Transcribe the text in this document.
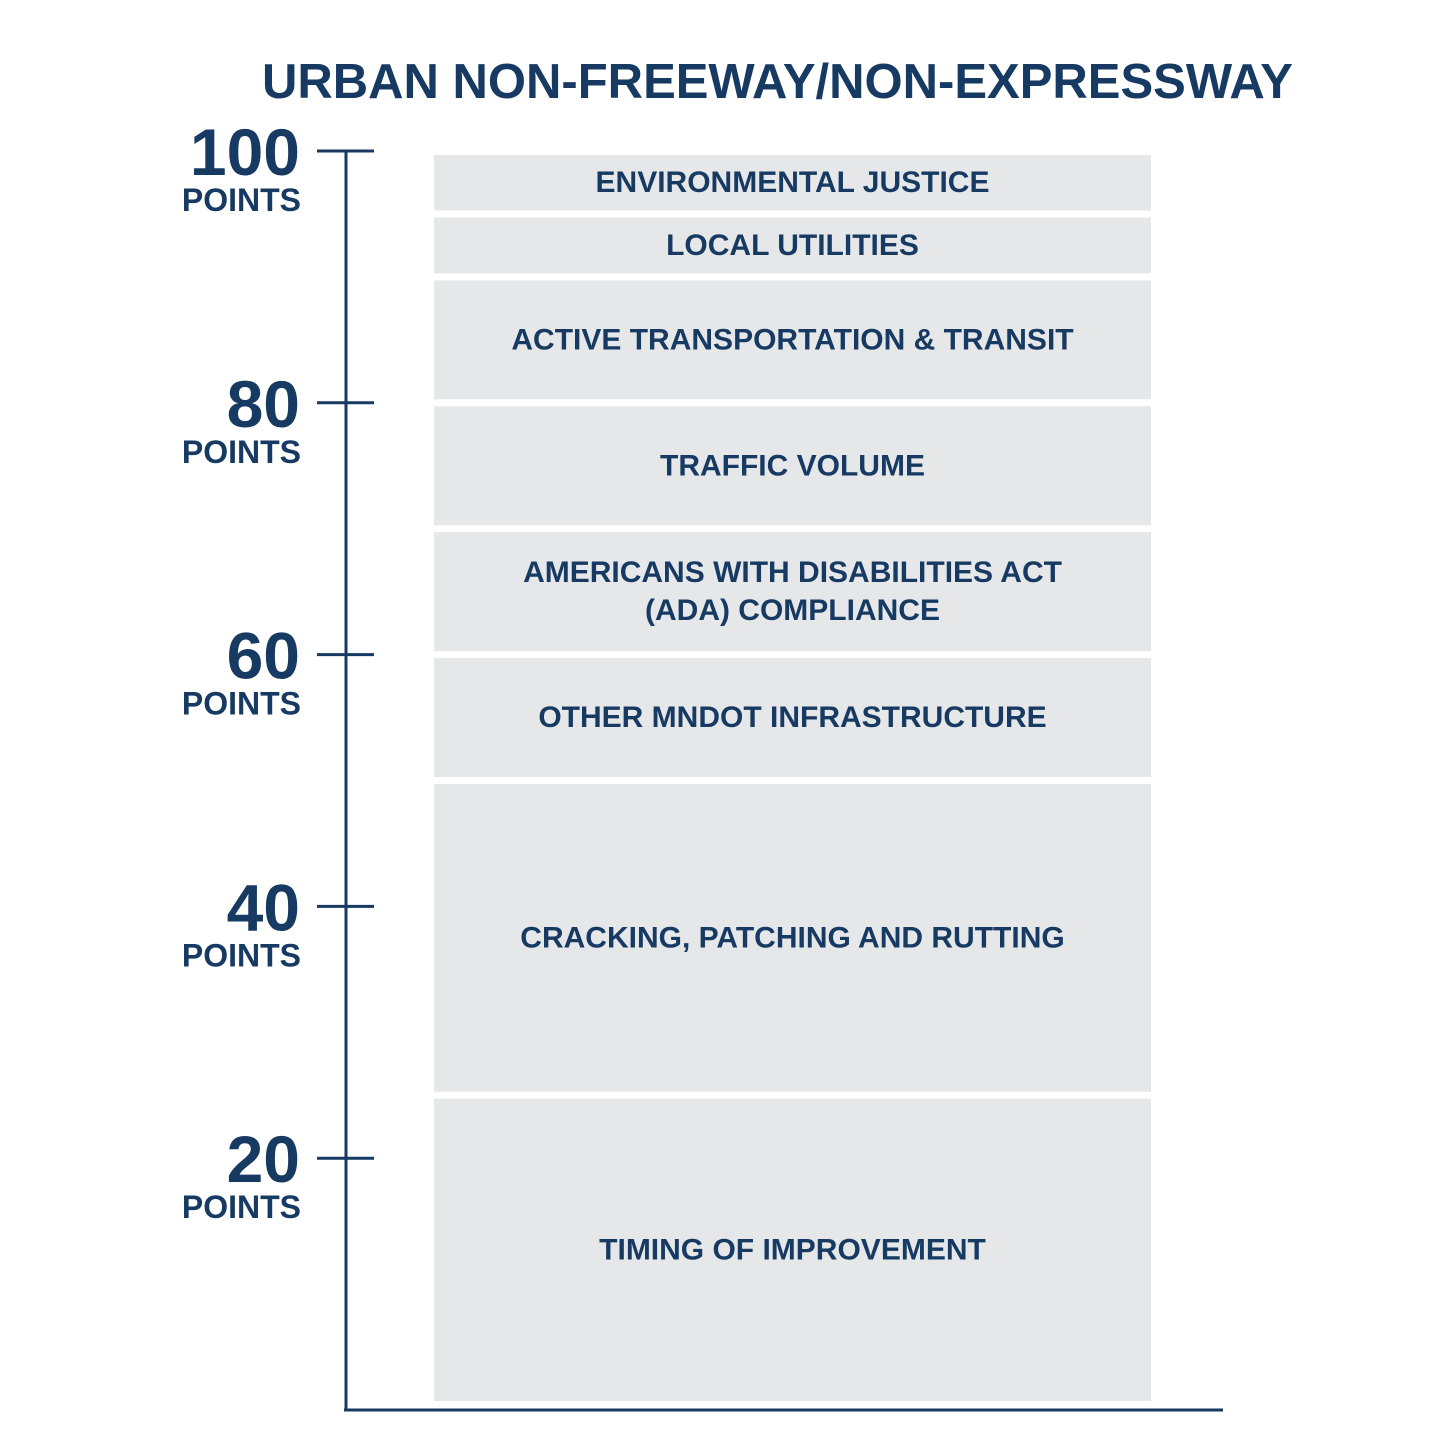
URBAN NON-FREEWAY/NON-EXPRESSWAY
TIMING OF IMPROVEMENT
CRACKING, PATCHING AND RUTTING
OTHER MNDOT INFRASTRUCTURE
AMERICANS WITH DISABILITIES ACT
(ADA) COMPLIANCE
TRAFFIC VOLUME
ACTIVE TRANSPORTATION & TRANSIT
LOCAL UTILITIES
ENVIRONMENTAL JUSTICE
100
POINTS
80
POINTS
60
POINTS
40
POINTS
20
POINTS
